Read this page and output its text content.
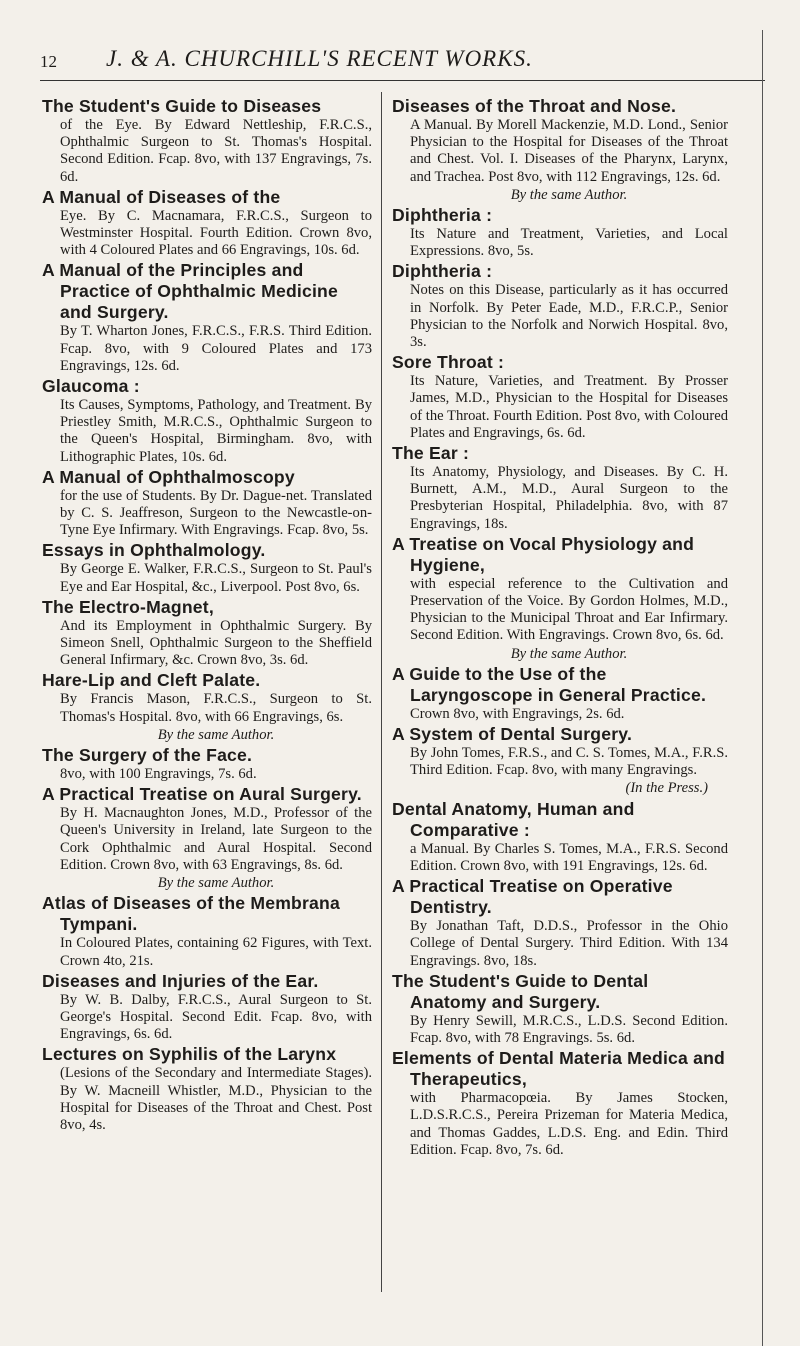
12 J. & A. CHURCHILL'S RECENT WORKS.

The Student's Guide to Diseases

of the Eye. By Edward Nettleship, F.R.C.S., Ophthalmic Surgeon to St. Thomas's Hospital. Second Edition. Fcap. 8vo, with 137 Engravings, 7s. 6d.

A Manual of Diseases of the

Eye. By C. Macnamara, F.R.C.S., Surgeon to Westminster Hospital. Fourth Edition. Crown 8vo, with 4 Coloured Plates and 66 Engravings, 10s. 6d.

A Manual of the Principles and Practice of Ophthalmic Medicine and Surgery.

By T. Wharton Jones, F.R.C.S., F.R.S. Third Edition. Fcap. 8vo, with 9 Coloured Plates and 173 Engravings, 12s. 6d.

Glaucoma :

Its Causes, Symptoms, Pathology, and Treatment. By Priestley Smith, M.R.C.S., Ophthalmic Surgeon to the Queen's Hospital, Birmingham. 8vo, with Lithographic Plates, 10s. 6d.

A Manual of Ophthalmoscopy

for the use of Students. By Dr. Dague-net. Translated by C. S. Jeaffreson, Surgeon to the Newcastle-on-Tyne Eye Infirmary. With Engravings. Fcap. 8vo, 5s.

Essays in Ophthalmology.

By George E. Walker, F.R.C.S., Surgeon to St. Paul's Eye and Ear Hospital, &c., Liverpool. Post 8vo, 6s.

The Electro-Magnet,

And its Employment in Ophthalmic Surgery. By Simeon Snell, Ophthalmic Surgeon to the Sheffield General Infirmary, &c. Crown 8vo, 3s. 6d.

Hare-Lip and Cleft Palate.

By Francis Mason, F.R.C.S., Surgeon to St. Thomas's Hospital. 8vo, with 66 Engravings, 6s.

By the same Author.

The Surgery of the Face.

8vo, with 100 Engravings, 7s. 6d.

A Practical Treatise on Aural Surgery.

By H. Macnaughton Jones, M.D., Professor of the Queen's University in Ireland, late Surgeon to the Cork Ophthalmic and Aural Hospital. Second Edition. Crown 8vo, with 63 Engravings, 8s. 6d.

By the same Author.

Atlas of Diseases of the Membrana Tympani.

In Coloured Plates, containing 62 Figures, with Text. Crown 4to, 21s.

Diseases and Injuries of the Ear.

By W. B. Dalby, F.R.C.S., Aural Surgeon to St. George's Hospital. Second Edit. Fcap. 8vo, with Engravings, 6s. 6d.

Lectures on Syphilis of the Larynx

(Lesions of the Secondary and Intermediate Stages). By W. Macneill Whistler, M.D., Physician to the Hospital for Diseases of the Throat and Chest. Post 8vo, 4s.

Diseases of the Throat and Nose.

A Manual. By Morell Mackenzie, M.D. Lond., Senior Physician to the Hospital for Diseases of the Throat and Chest. Vol. I. Diseases of the Pharynx, Larynx, and Trachea. Post 8vo, with 112 Engravings, 12s. 6d.

By the same Author.

Diphtheria :

Its Nature and Treatment, Varieties, and Local Expressions. 8vo, 5s.

Diphtheria :

Notes on this Disease, particularly as it has occurred in Norfolk. By Peter Eade, M.D., F.R.C.P., Senior Physician to the Norfolk and Norwich Hospital. 8vo, 3s.

Sore Throat :

Its Nature, Varieties, and Treatment. By Prosser James, M.D., Physician to the Hospital for Diseases of the Throat. Fourth Edition. Post 8vo, with Coloured Plates and Engravings, 6s. 6d.

The Ear :

Its Anatomy, Physiology, and Diseases. By C. H. Burnett, A.M., M.D., Aural Surgeon to the Presbyterian Hospital, Philadelphia. 8vo, with 87 Engravings, 18s.

A Treatise on Vocal Physiology and Hygiene,

with especial reference to the Cultivation and Preservation of the Voice. By Gordon Holmes, M.D., Physician to the Municipal Throat and Ear Infirmary. Second Edition. With Engravings. Crown 8vo, 6s. 6d.

By the same Author.

A Guide to the Use of the Laryngoscope in General Practice.

Crown 8vo, with Engravings, 2s. 6d.

A System of Dental Surgery.

By John Tomes, F.R.S., and C. S. Tomes, M.A., F.R.S. Third Edition. Fcap. 8vo, with many Engravings.

(In the Press.)

Dental Anatomy, Human and Comparative :

a Manual. By Charles S. Tomes, M.A., F.R.S. Second Edition. Crown 8vo, with 191 Engravings, 12s. 6d.

A Practical Treatise on Operative Dentistry.

By Jonathan Taft, D.D.S., Professor in the Ohio College of Dental Surgery. Third Edition. With 134 Engravings. 8vo, 18s.

The Student's Guide to Dental Anatomy and Surgery.

By Henry Sewill, M.R.C.S., L.D.S. Second Edition. Fcap. 8vo, with 78 Engravings. 5s. 6d.

Elements of Dental Materia Medica and Therapeutics,

with Pharmacopœia. By James Stocken, L.D.S.R.C.S., Pereira Prizeman for Materia Medica, and Thomas Gaddes, L.D.S. Eng. and Edin. Third Edition. Fcap. 8vo, 7s. 6d.
